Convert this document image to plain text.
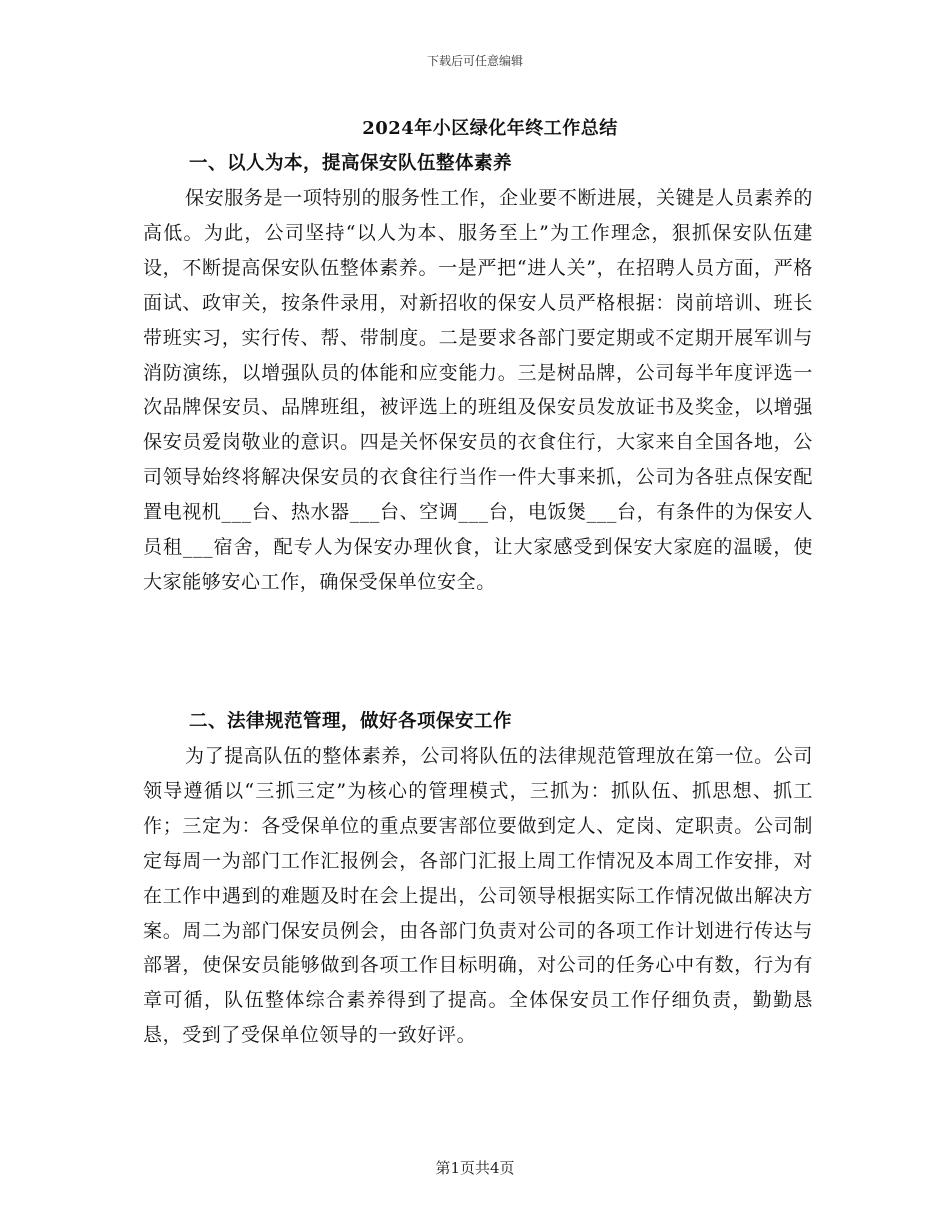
下载后可任意编辑
2024年小区绿化年终工作总结
一、以人为本，提高保安队伍整体素养

保安服务是一项特别的服务性工作，企业要不断进展，关键是人员素养的高低。为此，公司坚持“以人为本、服务至上”为工作理念，狠抓保安队伍建设，不断提高保安队伍整体素养。一是严把“进人关”，在招聘人员方面，严格面试、政审关，按条件录用，对新招收的保安人员严格根据：岗前培训、班长带班实习，实行传、帮、带制度。二是要求各部门要定期或不定期开展军训与消防演练，以增强队员的体能和应变能力。三是树品牌，公司每半年度评选一次品牌保安员、品牌班组，被评选上的班组及保安员发放证书及奖金，以增强保安员爱岗敬业的意识。四是关怀保安员的衣食住行，大家来自全国各地，公司领导始终将解决保安员的衣食往行当作一件大事来抓，公司为各驻点保安配置电视机___台、热水器___台、空调___台，电饭煲___台，有条件的为保安人员租___宿舍，配专人为保安办理伙食，让大家感受到保安大家庭的温暖，使大家能够安心工作，确保受保单位安全。

二、法律规范管理，做好各项保安工作

为了提高队伍的整体素养，公司将队伍的法律规范管理放在第一位。公司领导遵循以“三抓三定”为核心的管理模式，三抓为：抓队伍、抓思想、抓工作；三定为：各受保单位的重点要害部位要做到定人、定岗、定职责。公司制定每周一为部门工作汇报例会，各部门汇报上周工作情况及本周工作安排，对在工作中遇到的难题及时在会上提出，公司领导根据实际工作情况做出解决方案。周二为部门保安员例会，由各部门负责对公司的各项工作计划进行传达与部署，使保安员能够做到各项工作目标明确，对公司的任务心中有数，行为有章可循，队伍整体综合素养得到了提高。全体保安员工作仔细负责，勤勤恳恳，受到了受保单位领导的一致好评。

第1页共4页
